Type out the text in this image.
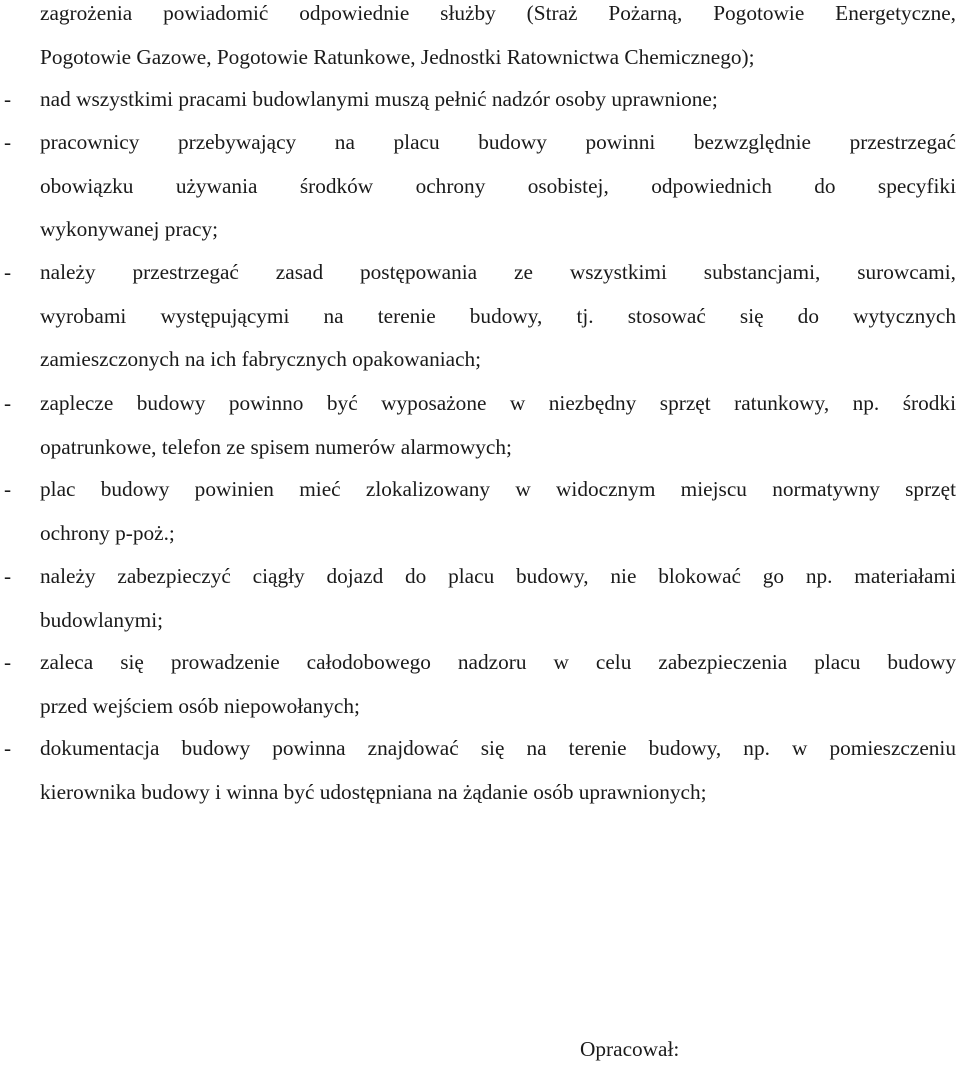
zagrożenia powiadomić odpowiednie służby (Straż Pożarną, Pogotowie Energetyczne,
Pogotowie Gazowe, Pogotowie Ratunkowe, Jednostki Ratownictwa Chemicznego);
-	nad wszystkimi pracami budowlanymi muszą pełnić nadzór osoby uprawnione;
-	pracownicy przebywający na placu budowy powinni bezwzględnie przestrzegać
obowiązku używania środków ochrony osobistej, odpowiednich do specyfiki
wykonywanej pracy;
-	należy przestrzegać zasad postępowania ze wszystkimi substancjami, surowcami,
wyrobami występującymi na terenie budowy, tj. stosować się do wytycznych
zamieszczonych na ich fabrycznych opakowaniach;
-	zaplecze budowy powinno być wyposażone w niezbędny sprzęt ratunkowy, np. środki
opatrunkowe, telefon ze spisem numerów alarmowych;
-	plac budowy powinien mieć zlokalizowany w widocznym miejscu normatywny sprzęt
ochrony p-poż.;
-	należy zabezpieczyć ciągły dojazd do placu budowy, nie blokować go np. materiałami
budowlanymi;
-	zaleca się prowadzenie całodobowego nadzoru w celu zabezpieczenia placu budowy
przed wejściem osób niepowołanych;
-	dokumentacja budowy powinna znajdować się na terenie budowy, np. w pomieszczeniu
kierownika budowy i winna być udostępniana na żądanie osób uprawnionych;
Opracował:
